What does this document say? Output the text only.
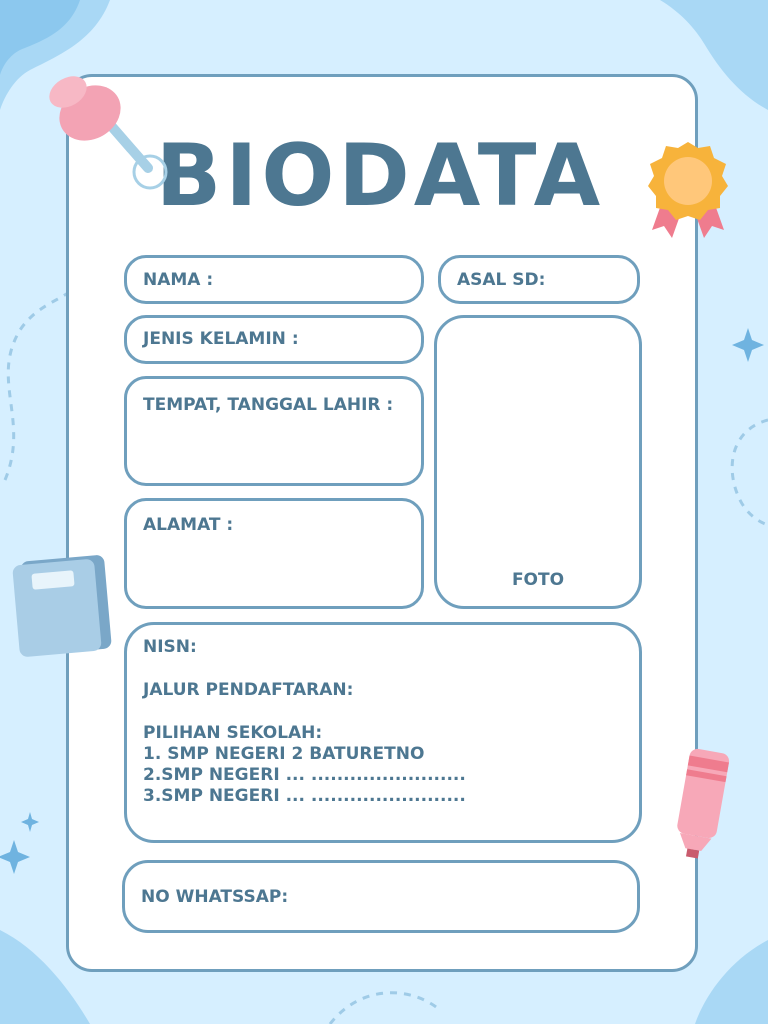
BIODATA
NAMA :	ASAL SD:
JENIS KELAMIN :
FOTO
TEMPAT, TANGGAL LAHIR :
ALAMAT :
NISN:
JALUR PENDAFTARAN:
PILIHAN SEKOLAH:
1. SMP NEGERI 2 BATURETNO
2.SMP NEGERI ... ........................
3.SMP NEGERI ... ........................
NO WHATSSAP:
